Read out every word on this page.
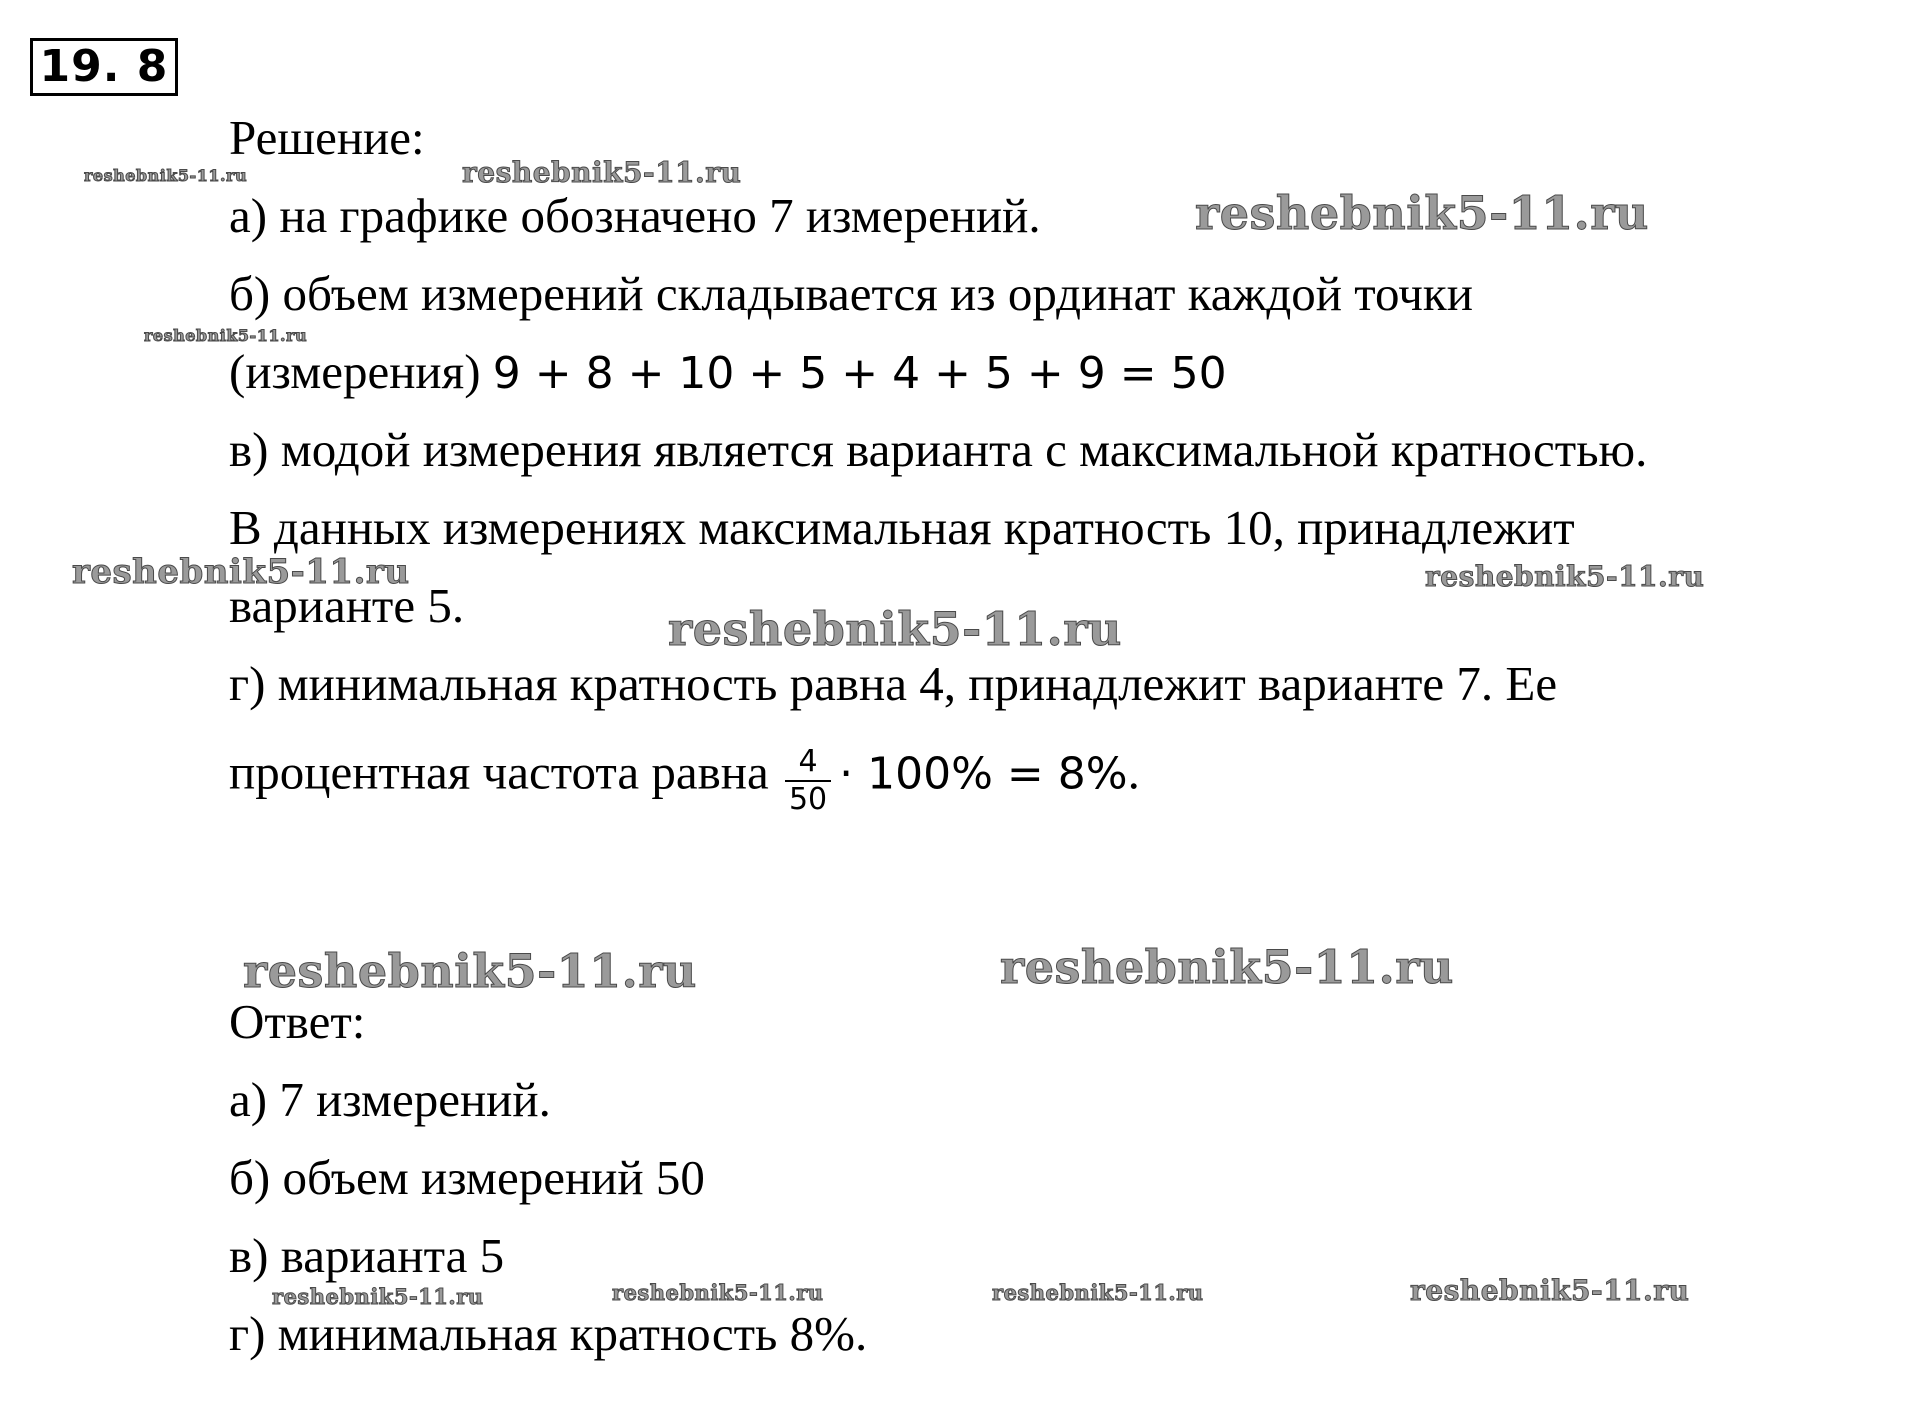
19. 8
Решение:
а) на графике обозначено 7 измерений.
б) объем измерений складывается из ординат каждой точки
(измерения) 9 + 8 + 10 + 5 + 4 + 5 + 9 = 50
в) модой измерения является варианта с максимальной кратностью.
В данных измерениях максимальная кратность 10, принадлежит
варианте 5.
г) минимальная кратность равна 4, принадлежит варианте 7. Ее
процентная частота равна $\frac{4}{50} \cdot 100\% = 8\%$.
Ответ:
а) 7 измерений.
б) объем измерений 50
в) варианта 5
г) минимальная кратность 8%.
reshebnik5-11.ru	reshebnik5-11.ru
reshebnik5-11.ru
reshebnik5-11.ru
reshebnik5-11.ru	reshebnik5-11.ru
reshebnik5-11.ru
reshebnik5-11.ru	reshebnik5-11.ru
reshebnik5-11.ru	reshebnik5-11.ru	reshebnik5-11.ru	reshebnik5-11.ru
